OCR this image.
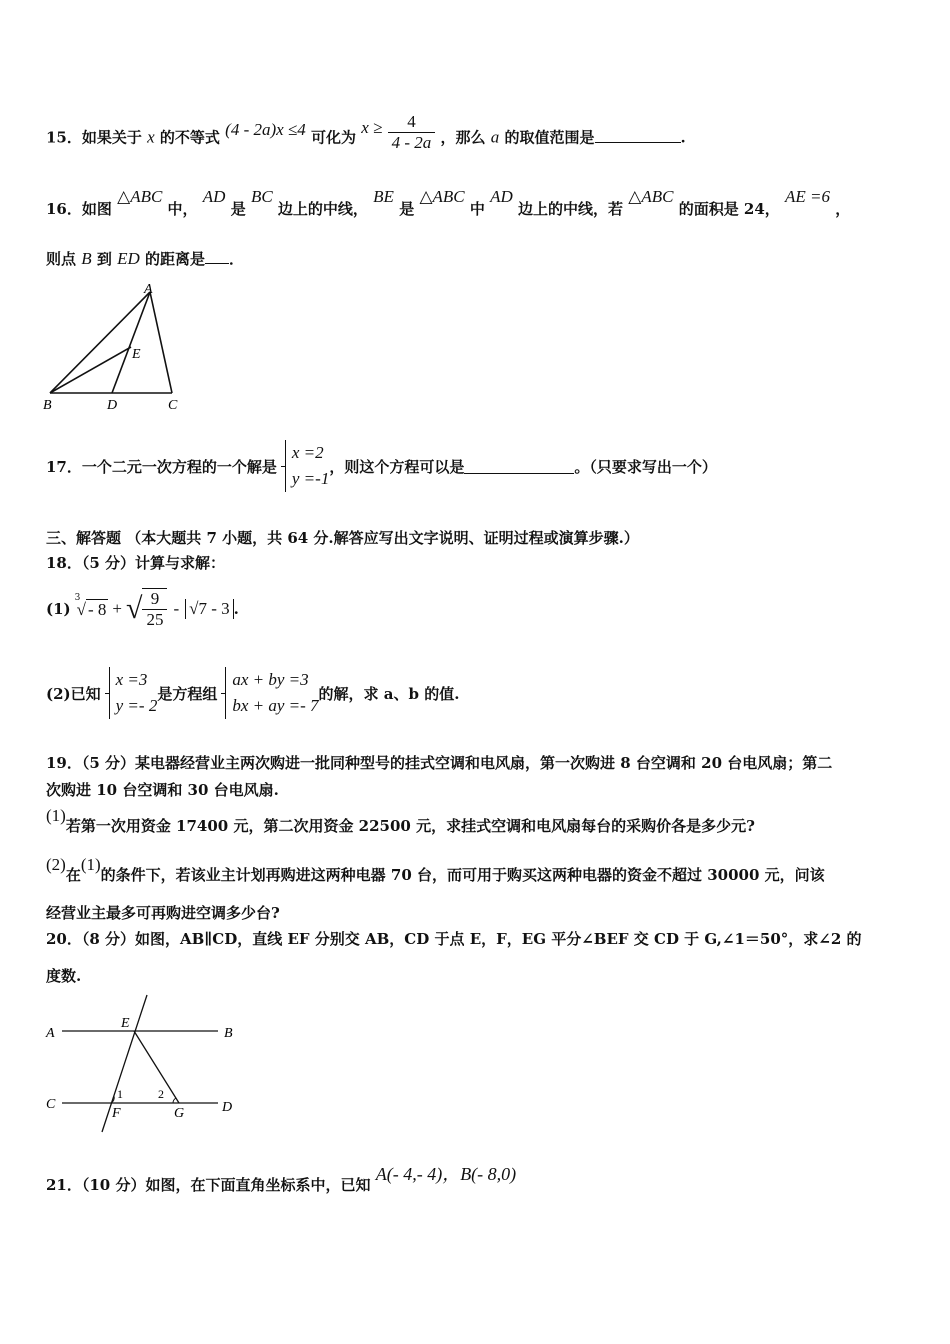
15．如果关于 x 的不等式 (4 - 2a)x ≤4 可化为 $x \ge \frac{4}{4 - 2a}$ ，那么 a 的取值范围是	.
16．如图 △ABC 中， AD 是 BC 边上的中线， BE 是 △ABC 中 AD 边上的中线，若 △ABC 的面积是 24， AE =6 ，
则点 B 到 ED 的距离是 ．
A
B	C
D
E
17． 一个二元一次方程的一个解是
x =2
y =-1
，则这个方程可以是	。（只要求写出一个）
三、解答题 （本大题共 7 小题，共 64 分.解答应写出文字说明、证明过程或演算步骤.）
18．（5 分）计算与求解：
(1)
3
√ - 8 + √ $\frac{9}{25} - √7 - 3$ .
(2)已知
x =3
y =- 2
是方程组
ax + by =3
bx + ay =- 7
的解，求 a、b 的值.
19．（5 分）某电器经营业主两次购进一批同种型号的挂式空调和电风扇，第一次购进 8 台空调和 20 台电风扇；第二
次购进 10 台空调和 30 台电风扇.
(1)若第一次用资金 17400 元，第二次用资金 22500 元，求挂式空调和电风扇每台的采购价各是多少元?
(2)在(1)的条件下，若该业主计划再购进这两种电器 70 台，而可用于购买这两种电器的资金不超过 30000 元，问该
经营业主最多可再购进空调多少台?
20．（8 分）如图，AB∥CD，直线 EF 分别交 AB，CD 于点 E，F，EG 平分∠BEF 交 CD 于 G,∠1＝50°，求∠2 的
度数.
A	B
C	D
E
F	G
1	2
21．（10 分）如图，在下面直角坐标系中，已知 A(- 4,- 4)，B(- 8,0)
